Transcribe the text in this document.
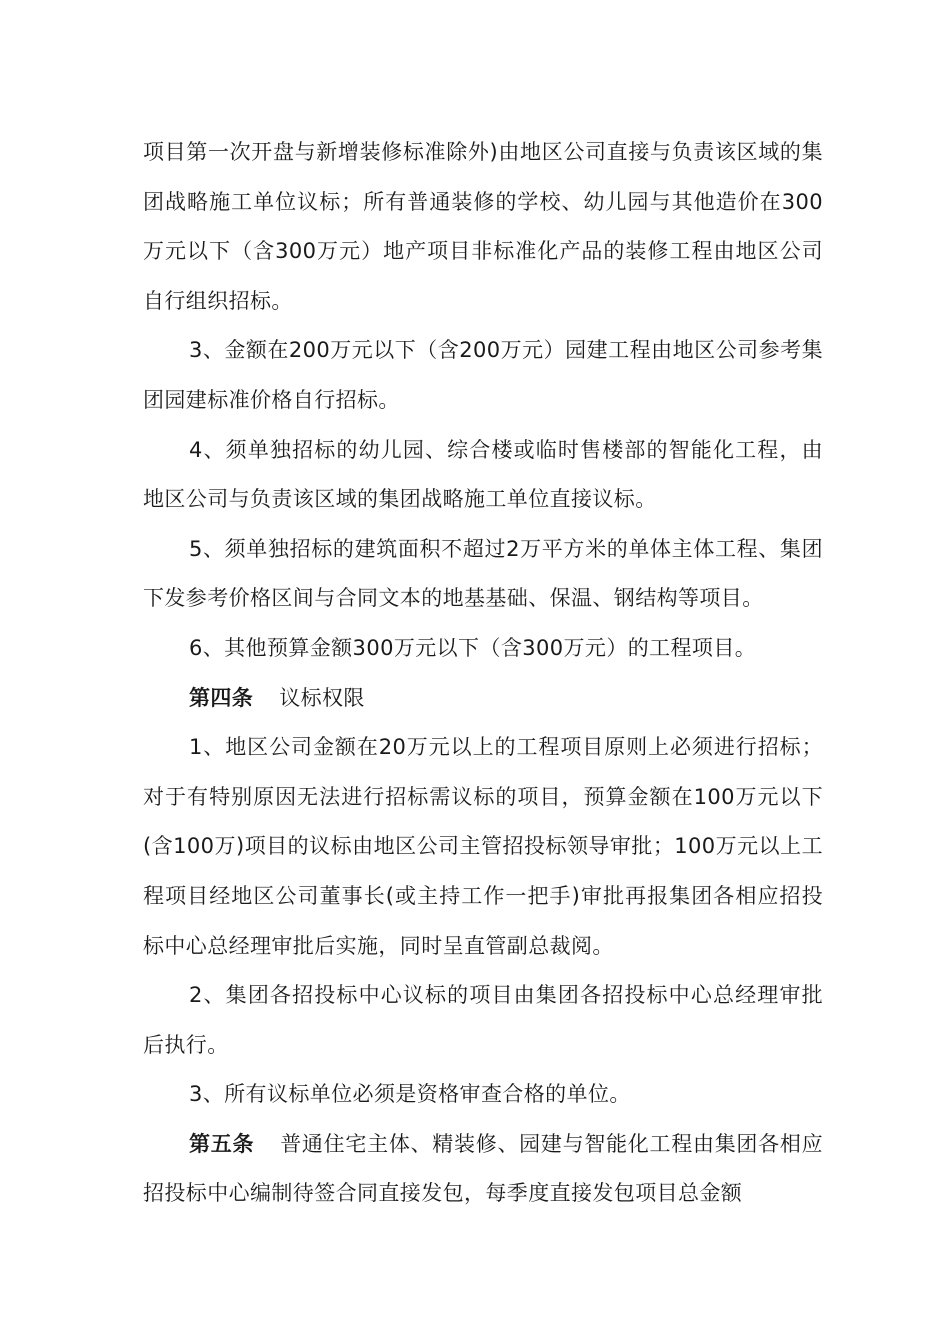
项目第一次开盘与新增装修标准除外)由地区公司直接与负责该区域的集团战略施工单位议标；所有普通装修的学校、幼儿园与其他造价在300万元以下（含300万元）地产项目非标准化产品的装修工程由地区公司自行组织招标。

3、金额在200万元以下（含200万元）园建工程由地区公司参考集团园建标准价格自行招标。

4、须单独招标的幼儿园、综合楼或临时售楼部的智能化工程，由地区公司与负责该区域的集团战略施工单位直接议标。

5、须单独招标的建筑面积不超过2万平方米的单体主体工程、集团下发参考价格区间与合同文本的地基基础、保温、钢结构等项目。

6、其他预算金额300万元以下（含300万元）的工程项目。

第四条 议标权限

1、地区公司金额在20万元以上的工程项目原则上必须进行招标；对于有特别原因无法进行招标需议标的项目，预算金额在100万元以下(含100万)项目的议标由地区公司主管招投标领导审批；100万元以上工程项目经地区公司董事长(或主持工作一把手)审批再报集团各相应招投标中心总经理审批后实施，同时呈直管副总裁阅。

2、集团各招投标中心议标的项目由集团各招投标中心总经理审批后执行。

3、所有议标单位必须是资格审查合格的单位。

第五条 普通住宅主体、精装修、园建与智能化工程由集团各相应招投标中心编制待签合同直接发包，每季度直接发包项目总金额
